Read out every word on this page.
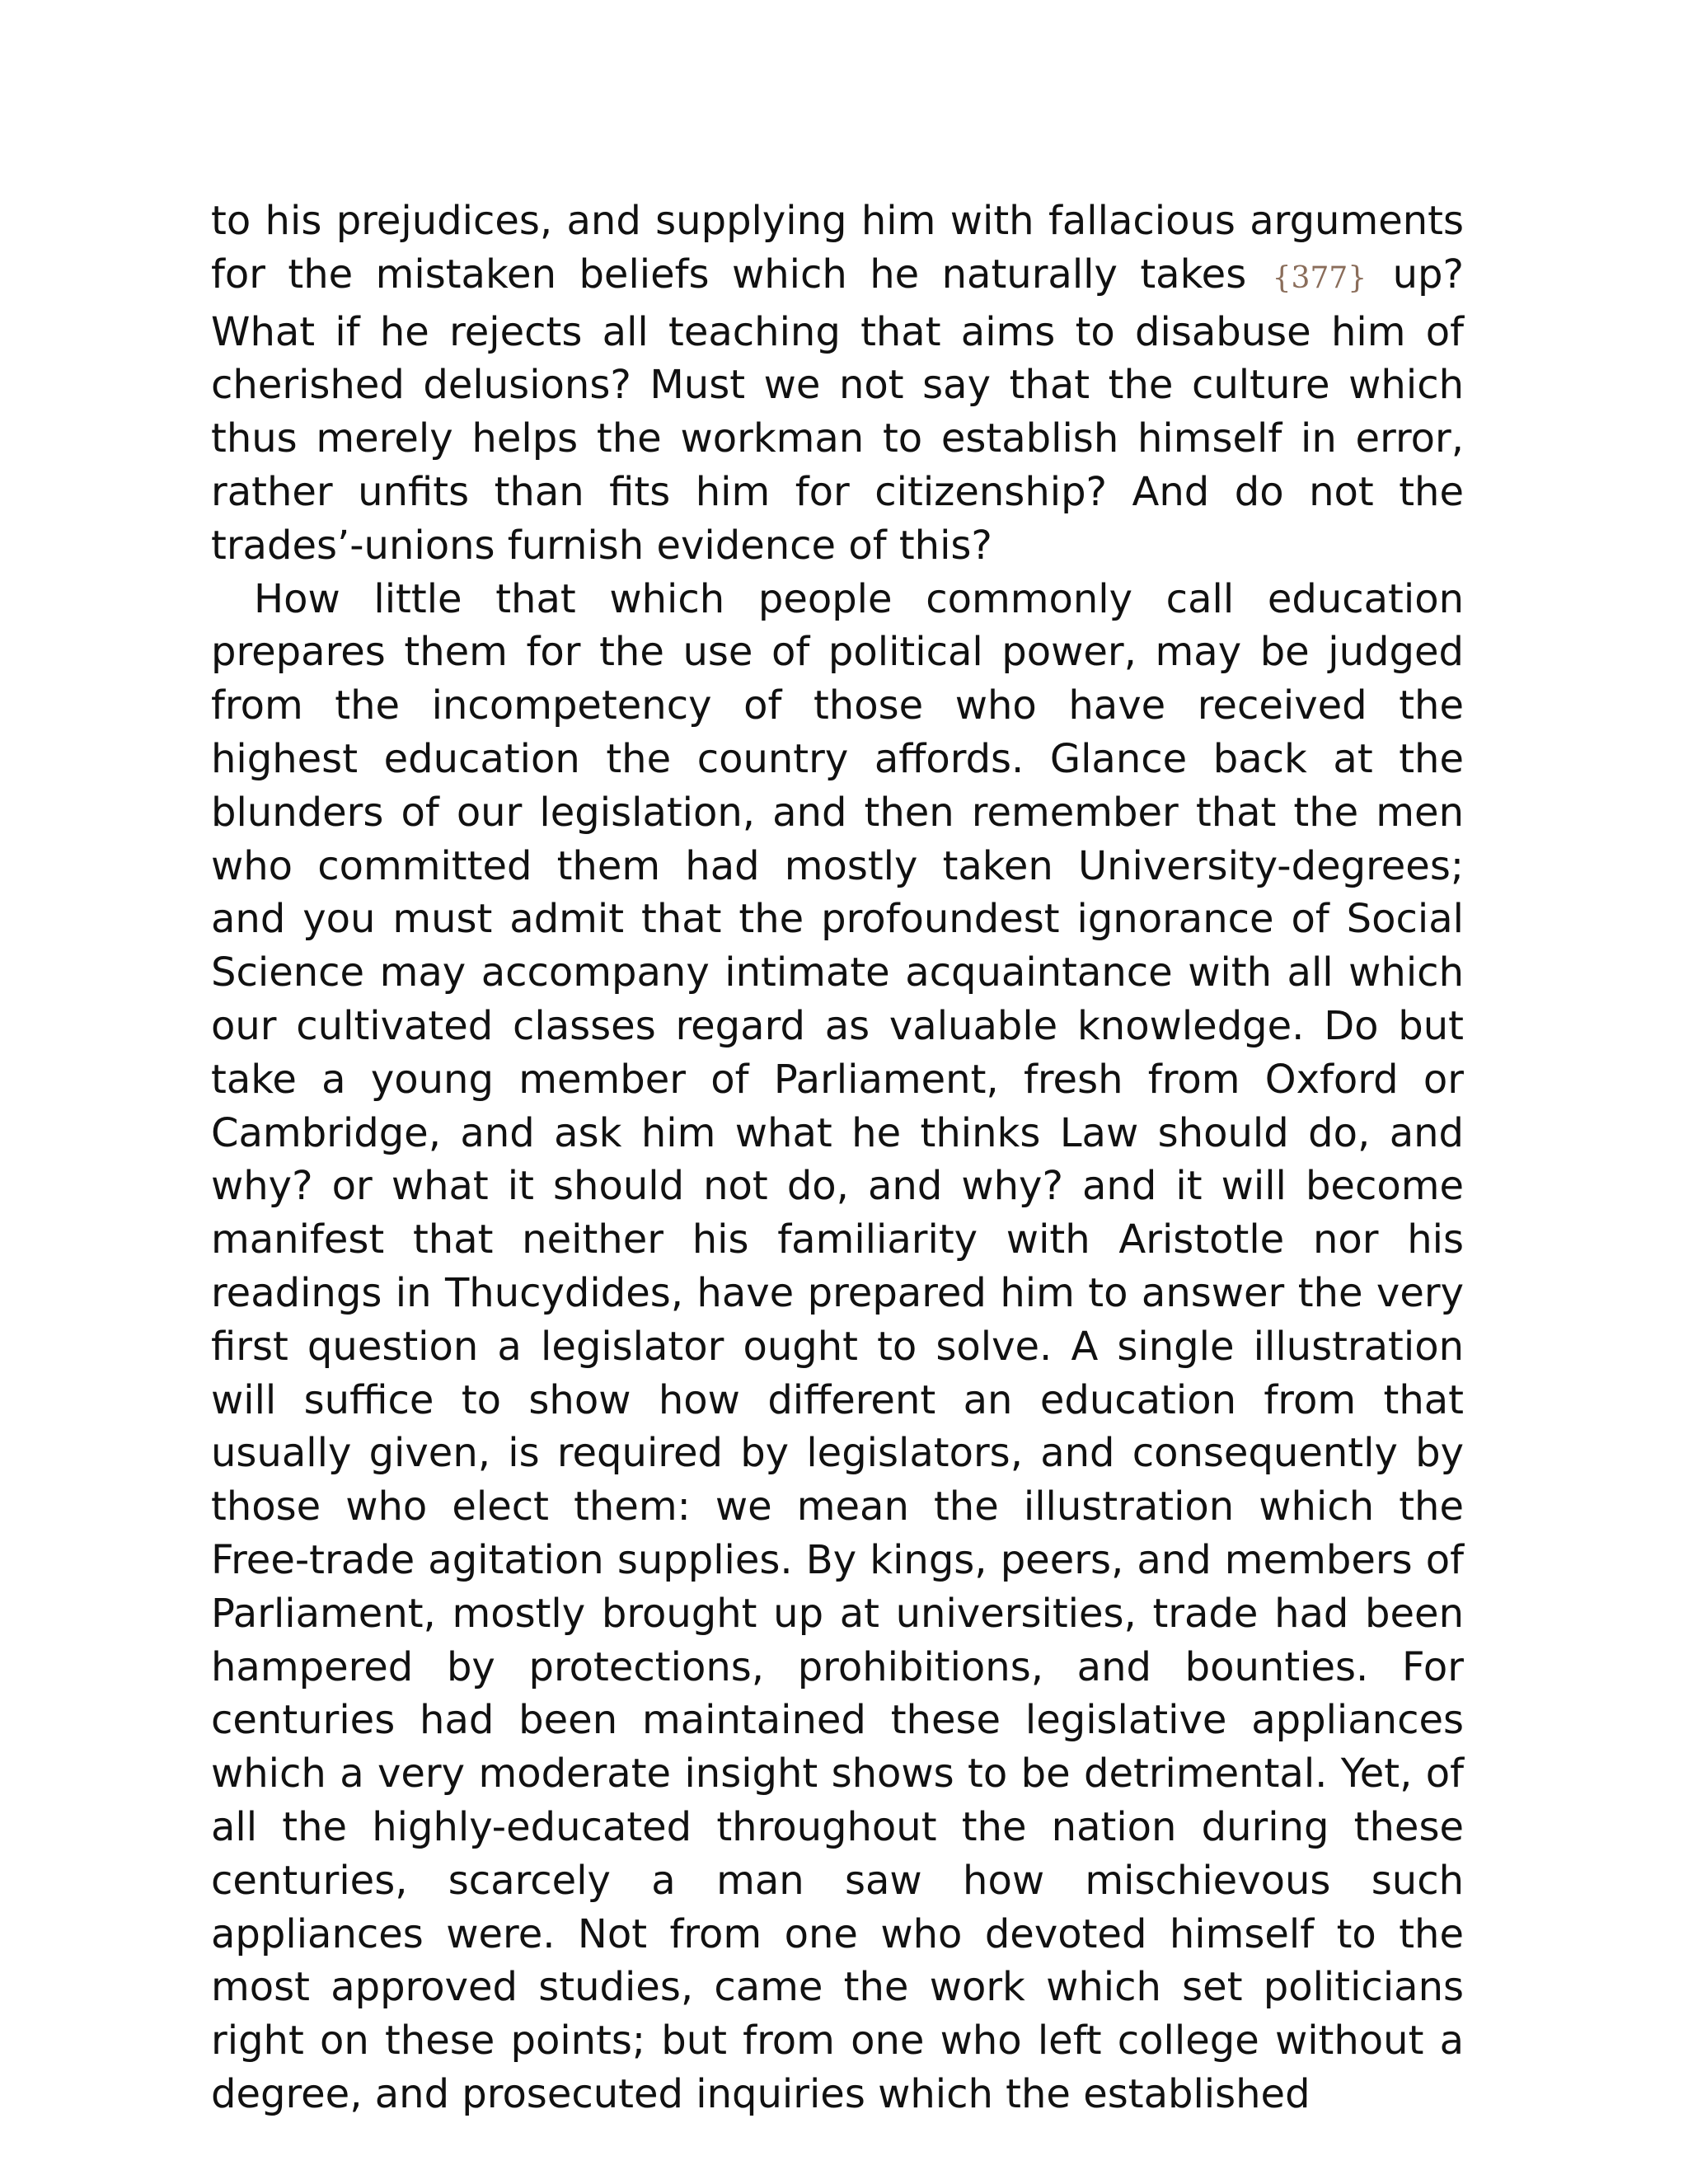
to his prejudices, and supplying him with fallacious arguments for the mistaken beliefs which he naturally takes {377} up? What if he rejects all teaching that aims to disabuse him of cherished delusions? Must we not say that the culture which thus merely helps the workman to establish himself in error, rather unfits than fits him for citizenship? And do not the trades’-unions furnish evidence of this?

How little that which people commonly call education prepares them for the use of political power, may be judged from the incompetency of those who have received the highest education the country affords. Glance back at the blunders of our legislation, and then remember that the men who committed them had mostly taken University-degrees; and you must admit that the profoundest ignorance of Social Science may accompany intimate acquaintance with all which our cultivated classes regard as valuable knowledge. Do but take a young member of Parliament, fresh from Oxford or Cambridge, and ask him what he thinks Law should do, and why? or what it should not do, and why? and it will become manifest that neither his familiarity with Aristotle nor his readings in Thucydides, have prepared him to answer the very first question a legislator ought to solve. A single illustration will suffice to show how different an education from that usually given, is required by legislators, and consequently by those who elect them: we mean the illustration which the Free-trade agitation supplies. By kings, peers, and members of Parliament, mostly brought up at universities, trade had been hampered by protections, prohibitions, and bounties. For centuries had been maintained these legislative appliances which a very moderate insight shows to be detrimental. Yet, of all the highly-educated throughout the nation during these centuries, scarcely a man saw how mischievous such appliances were. Not from one who devoted himself to the most approved studies, came the work which set politicians right on these points; but from one who left college without a degree, and prosecuted inquiries which the established
